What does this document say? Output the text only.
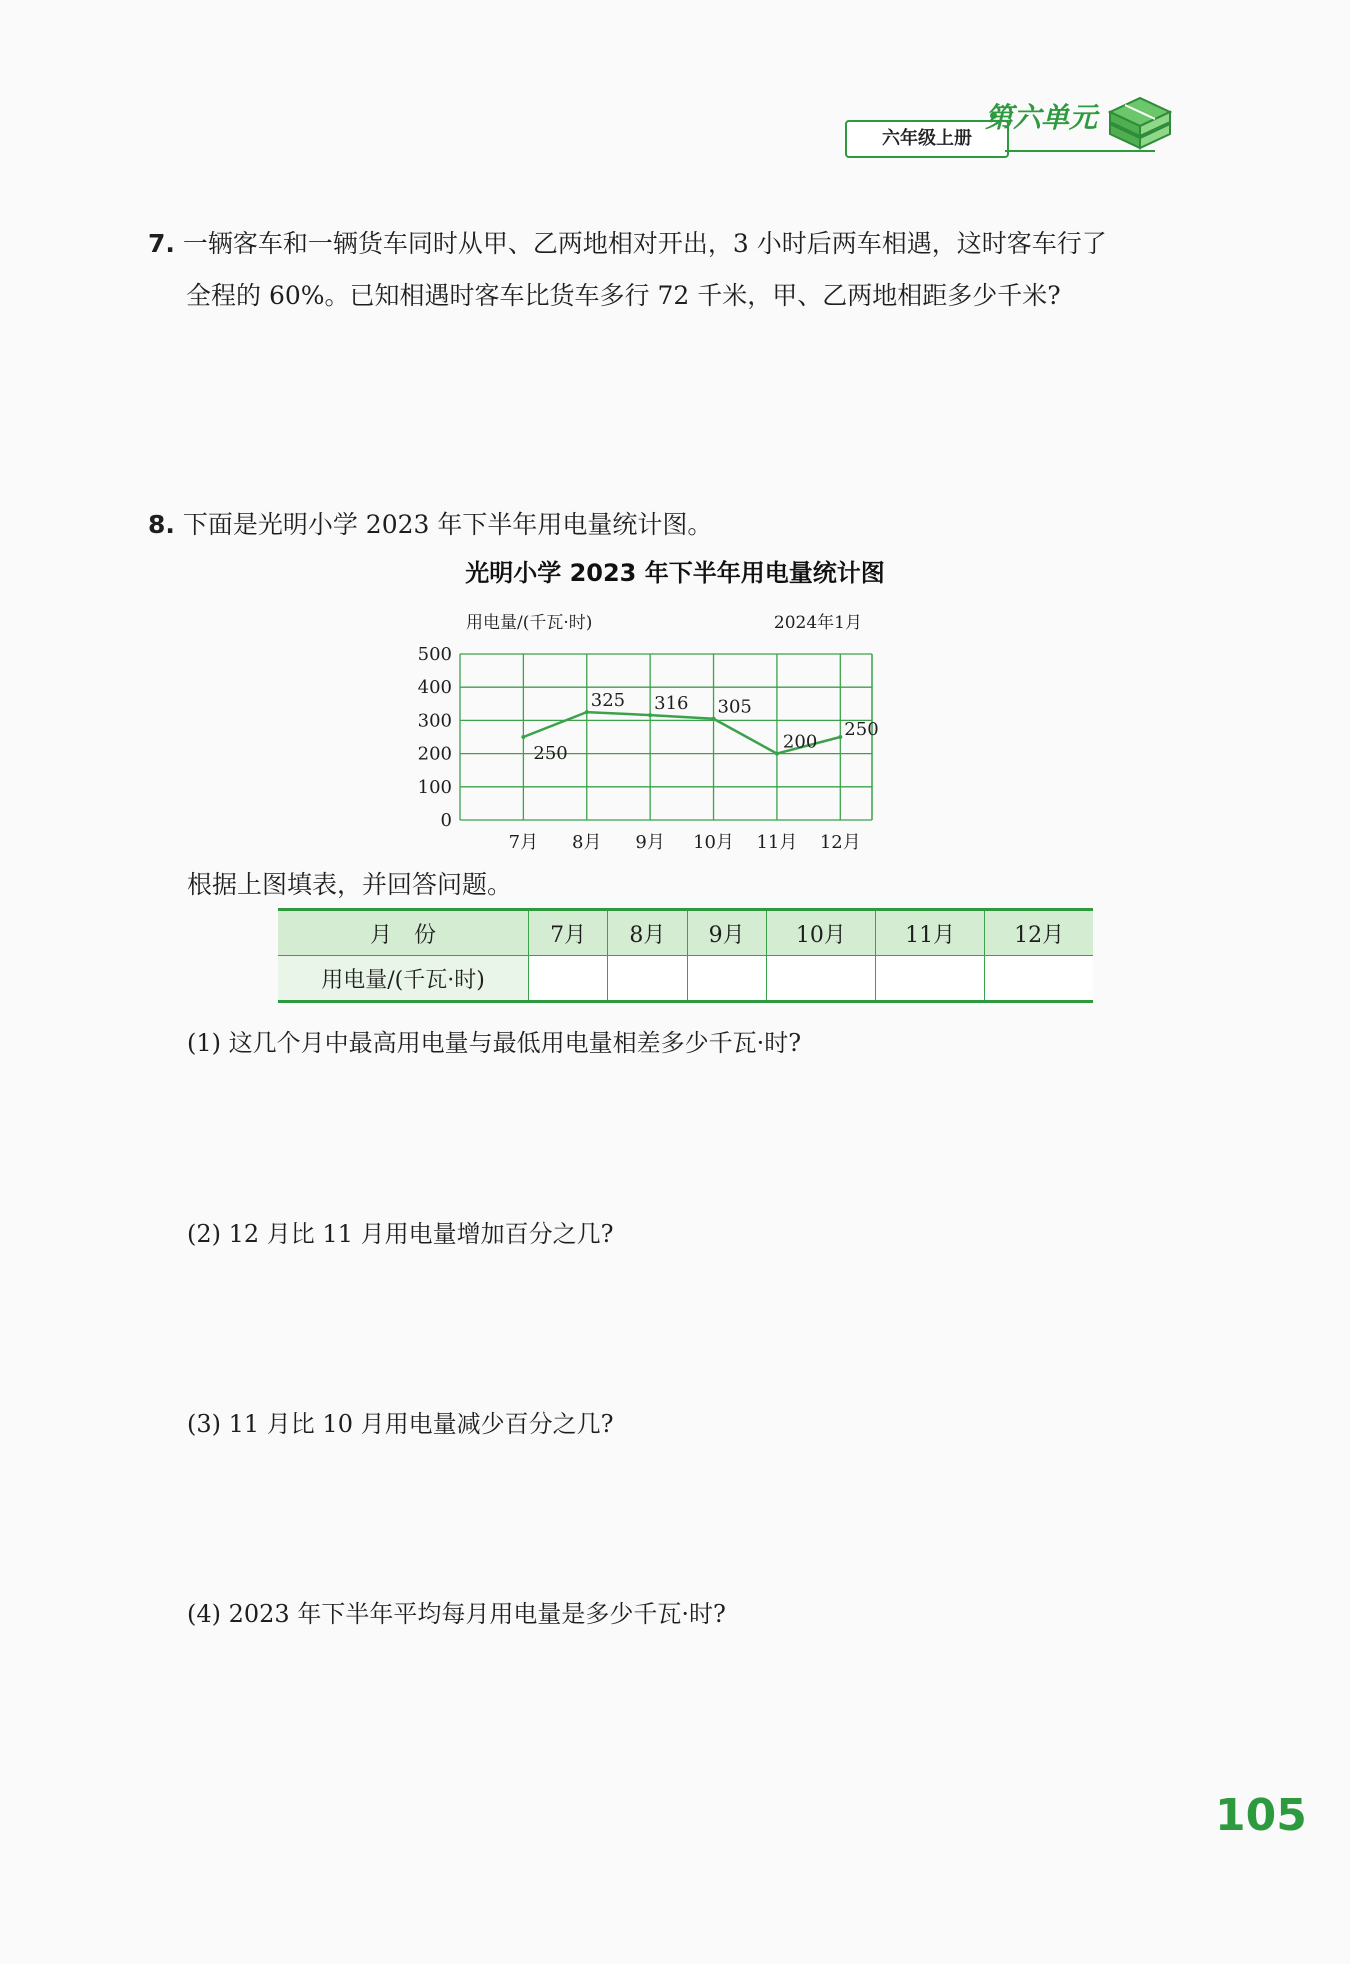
六年级上册
第六单元
7. 一辆客车和一辆货车同时从甲、乙两地相对开出，3 小时后两车相遇，这时客车行了
全程的 60%。已知相遇时客车比货车多行 72 千米，甲、乙两地相距多少千米?
8. 下面是光明小学 2023 年下半年用电量统计图。
光明小学 2023 年下半年用电量统计图
500
400
300
200
100
0
用电量/(千瓦·时)	2024年1月
7月 8月 9月 10月 11月 12月
250
325 316 305
200
250
根据上图填表，并回答问题。
月　份	7月	8月	9月	10月	11月	12月
用电量/(千瓦·时)						
(1) 这几个月中最高用电量与最低用电量相差多少千瓦·时?
(2) 12 月比 11 月用电量增加百分之几?
(3) 11 月比 10 月用电量减少百分之几?
(4) 2023 年下半年平均每月用电量是多少千瓦·时?
105
